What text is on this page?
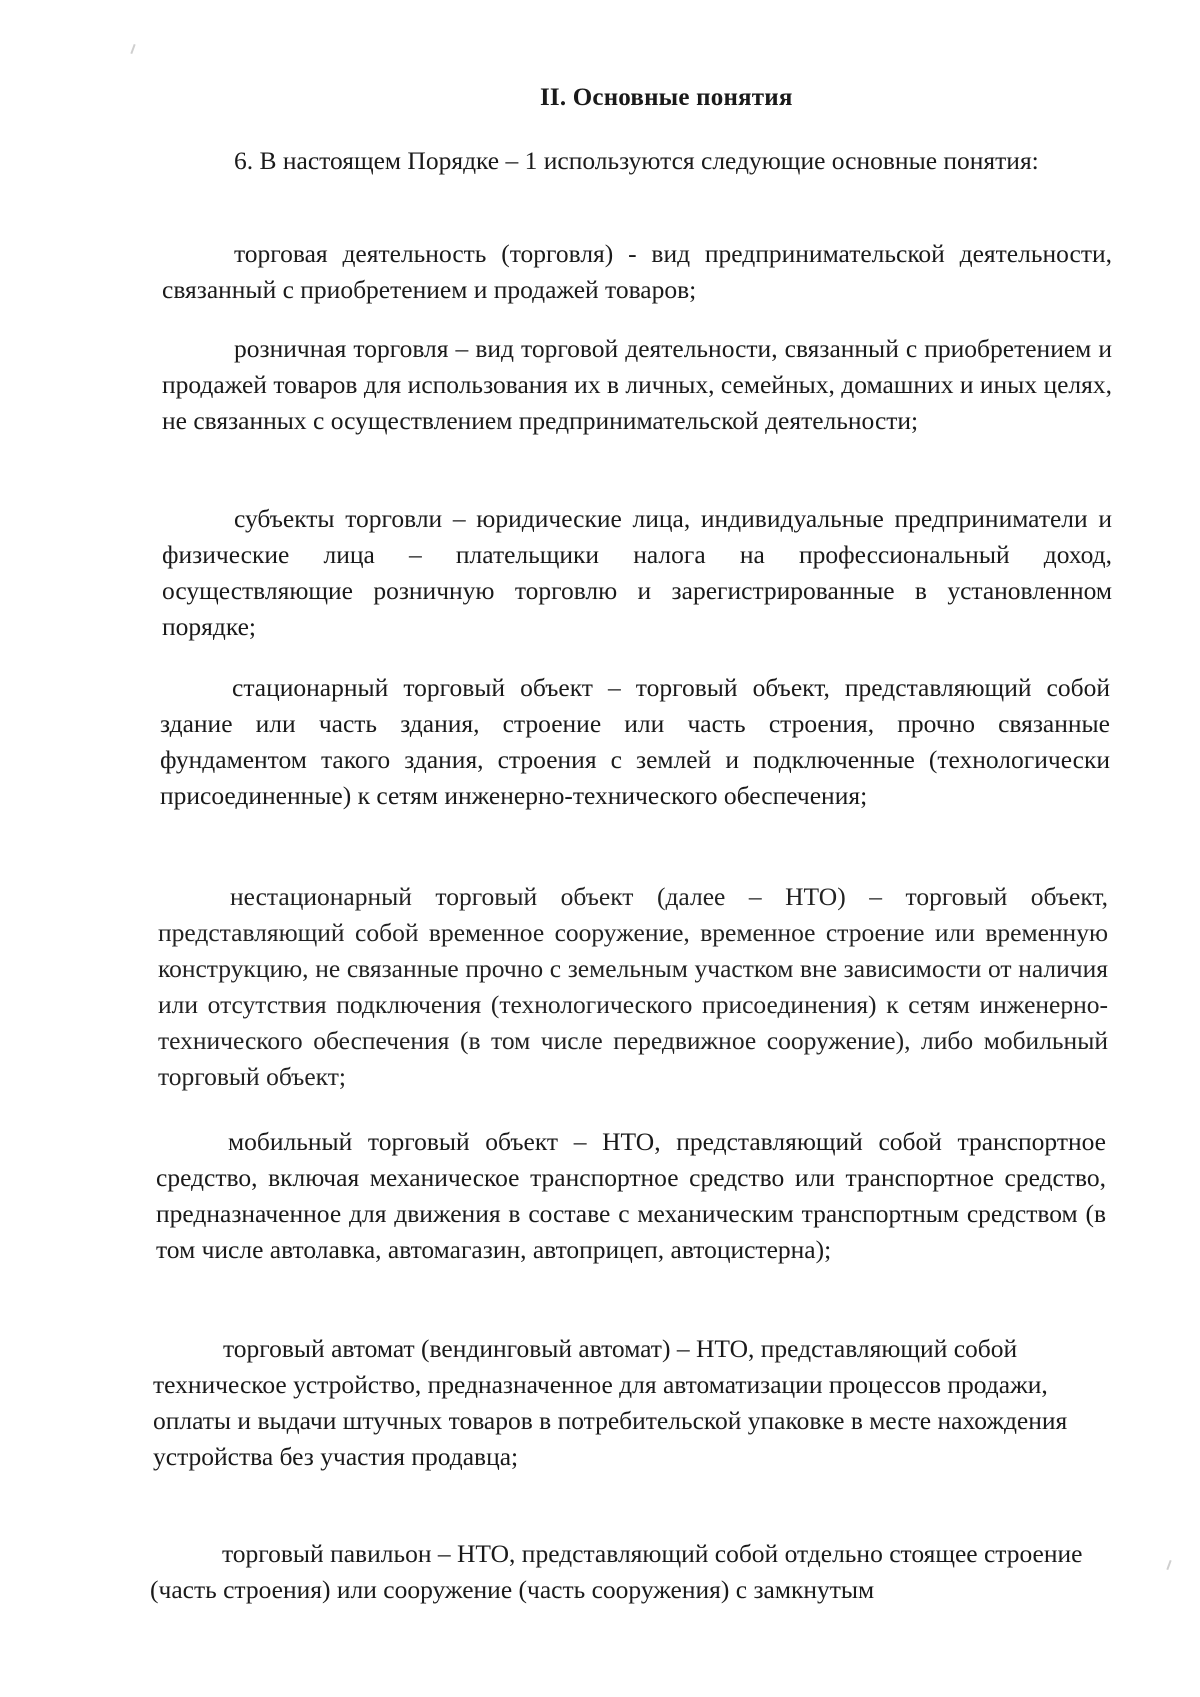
II. Основные понятия

6. В настоящем Порядке – 1 используются следующие основные понятия:

торговая деятельность (торговля) - вид предпринимательской деятельности, связанный с приобретением и продажей товаров;

розничная торговля – вид торговой деятельности, связанный с приобретением и продажей товаров для использования их в личных, семейных, домашних и иных целях, не связанных с осуществлением предпринимательской деятельности;

субъекты торговли – юридические лица, индивидуальные предприниматели и физические лица – плательщики налога на профессиональный доход, осуществляющие розничную торговлю и зарегистрированные в установленном порядке;

стационарный торговый объект – торговый объект, представляющий собой здание или часть здания, строение или часть строения, прочно связанные фундаментом такого здания, строения с землей и подключенные (технологически присоединенные) к сетям инженерно-технического обеспечения;

нестационарный торговый объект (далее – НТО) – торговый объект, представляющий собой временное сооружение, временное строение или временную конструкцию, не связанные прочно с земельным участком вне зависимости от наличия или отсутствия подключения (технологического присоединения) к сетям инженерно-технического обеспечения (в том числе передвижное сооружение), либо мобильный торговый объект;

мобильный торговый объект – НТО, представляющий собой транспортное средство, включая механическое транспортное средство или транспортное средство, предназначенное для движения в составе с механическим транспортным средством (в том числе автолавка, автомагазин, автоприцеп, автоцистерна);

торговый автомат (вендинговый автомат) – НТО, представляющий собой техническое устройство, предназначенное для автоматизации процессов продажи, оплаты и выдачи штучных товаров в потребительской упаковке в месте нахождения устройства без участия продавца;

торговый павильон – НТО, представляющий собой отдельно стоящее строение (часть строения) или сооружение (часть сооружения) с замкнутым
